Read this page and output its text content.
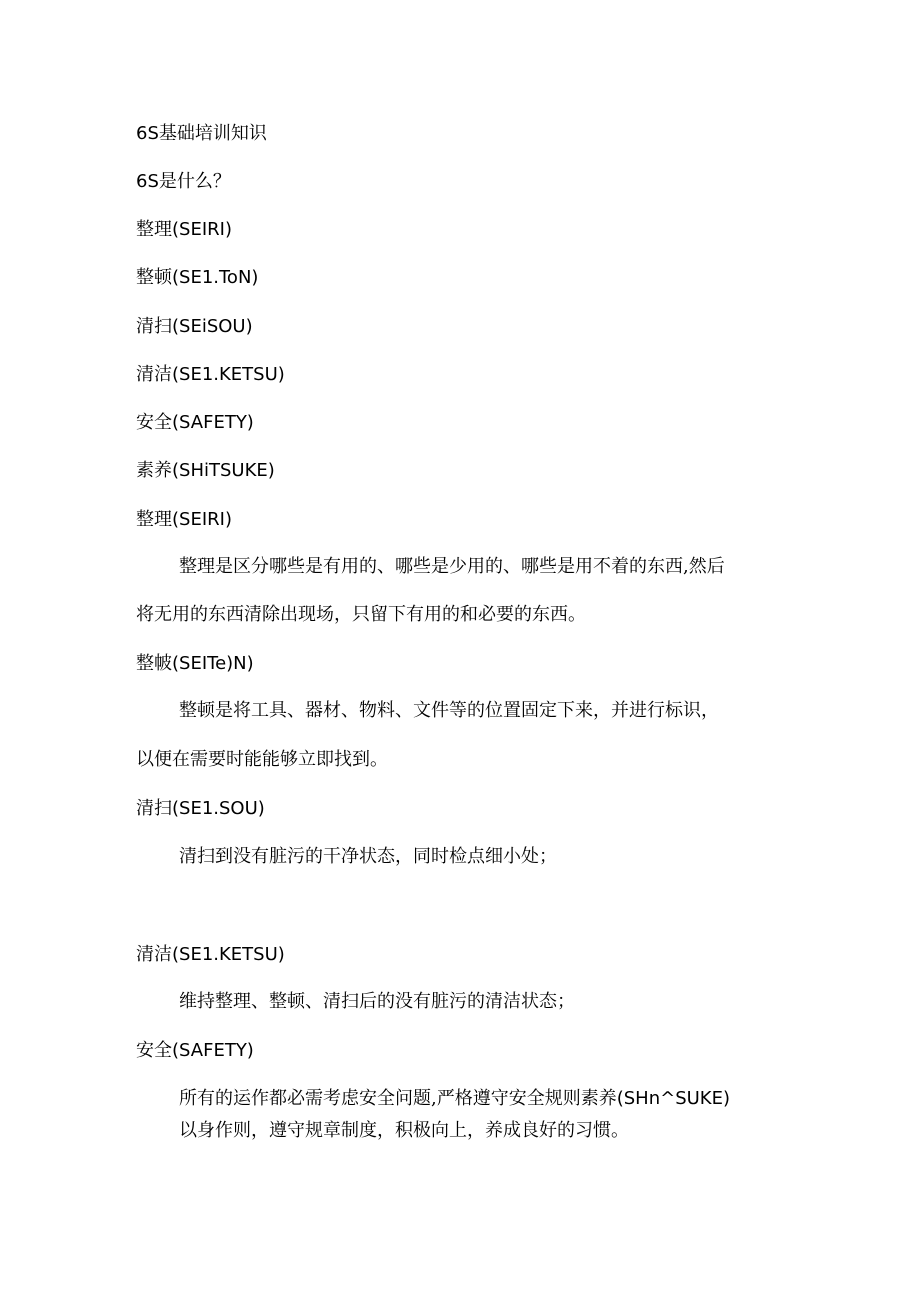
6S基础培训知识
6S是什么？
整理(SEIRI)
整顿(SE1.ToN)
清扫(SEiSOU)
清洁(SE1.KETSU)
安全(SAFETY)
素养(SHiTSUKE)
整理(SEIRI)
整理是区分哪些是有用的、哪些是少用的、哪些是用不着的东西,然后
将无用的东西清除出现场，只留下有用的和必要的东西。
整帔(SEITe)N)
整顿是将工具、器材、物料、文件等的位置固定下来，并进行标识，
以便在需要时能能够立即找到。
清扫(SE1.SOU)
清扫到没有脏污的干净状态，同时检点细小处；
清洁(SE1.KETSU)
维持整理、整顿、清扫后的没有脏污的清洁状态；
安全(SAFETY)
所有的运作都必需考虑安全问题,严格遵守安全规则素养(SHn^SUKE)
以身作则，遵守规章制度，积极向上，养成良好的习惯。
